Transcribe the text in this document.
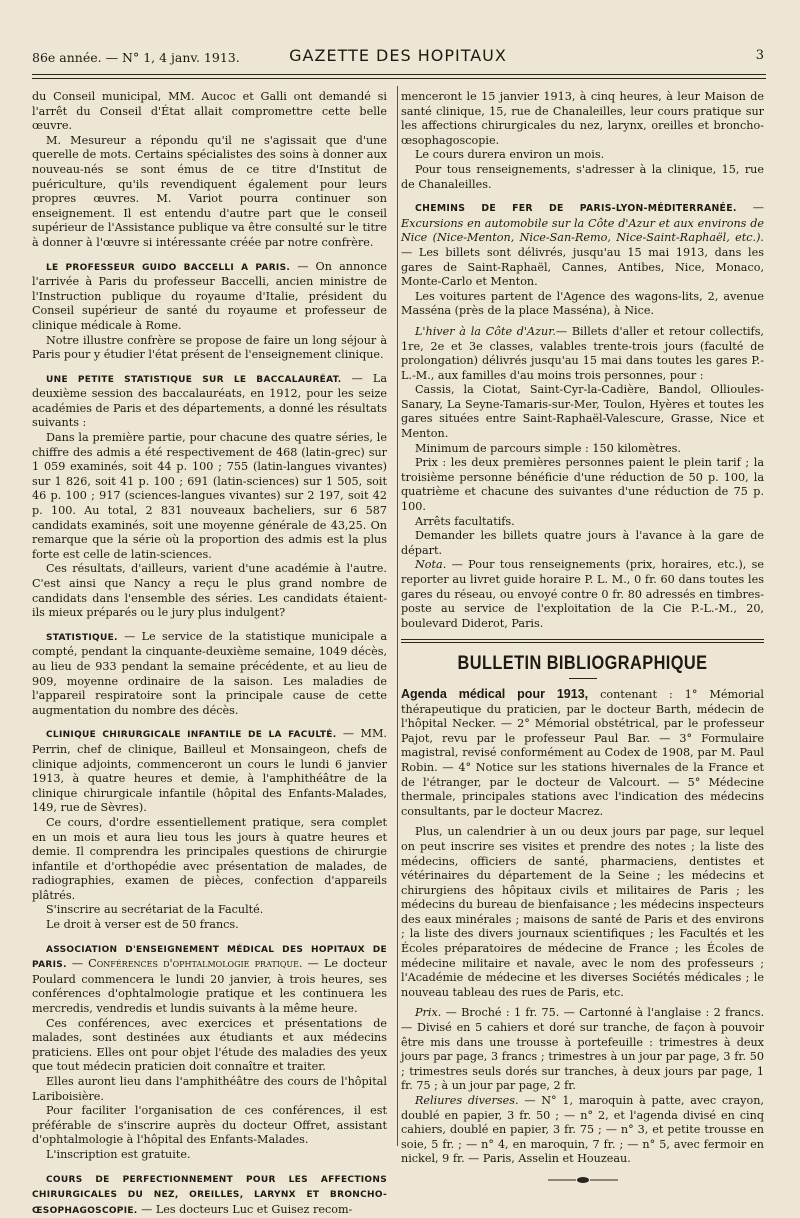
86e année. — N° 1, 4 janv. 1913.	GAZETTE DES HOPITAUX	3

du Conseil municipal, MM. Aucoc et Galli ont demandé si l'arrêt du Conseil d'État allait compromettre cette belle œuvre.

M. Mesureur a répondu qu'il ne s'agissait que d'une querelle de mots. Certains spécialistes des soins à donner aux nouveau-nés se sont émus de ce titre d'Institut de puériculture, qu'ils revendiquent également pour leurs propres œuvres. M. Variot pourra continuer son enseignement. Il est entendu d'autre part que le conseil supérieur de l'Assistance publique va être consulté sur le titre à donner à l'œuvre si intéressante créée par notre confrère.

LE PROFESSEUR GUIDO BACCELLI A PARIS. — On annonce l'arrivée à Paris du professeur Baccelli, ancien ministre de l'Instruction publique du royaume d'Italie, président du Conseil supérieur de santé du royaume et professeur de clinique médicale à Rome.

Notre illustre confrère se propose de faire un long séjour à Paris pour y étudier l'état présent de l'enseignement clinique.

UNE PETITE STATISTIQUE SUR LE BACCALAURÉAT. — La deuxième session des baccalauréats, en 1912, pour les seize académies de Paris et des départements, a donné les résultats suivants :

Dans la première partie, pour chacune des quatre séries, le chiffre des admis a été respectivement de 468 (latin-grec) sur 1 059 examinés, soit 44 p. 100 ; 755 (latin-langues vivantes) sur 1 826, soit 41 p. 100 ; 691 (latin-sciences) sur 1 505, soit 46 p. 100 ; 917 (sciences-langues vivantes) sur 2 197, soit 42 p. 100. Au total, 2 831 nouveaux bacheliers, sur 6 587 candidats examinés, soit une moyenne générale de 43,25. On remarque que la série où la proportion des admis est la plus forte est celle de latin-sciences.

Ces résultats, d'ailleurs, varient d'une académie à l'autre. C'est ainsi que Nancy a reçu le plus grand nombre de candidats dans l'ensemble des séries. Les candidats étaient-ils mieux préparés ou le jury plus indulgent?

STATISTIQUE. — Le service de la statistique municipale a compté, pendant la cinquante-deuxième semaine, 1049 décès, au lieu de 933 pendant la semaine précédente, et au lieu de 909, moyenne ordinaire de la saison. Les maladies de l'appareil respiratoire sont la principale cause de cette augmentation du nombre des décès.

CLINIQUE CHIRURGICALE INFANTILE DE LA FACULTÉ. — MM. Perrin, chef de clinique, Bailleul et Monsaingeon, chefs de clinique adjoints, commenceront un cours le lundi 6 janvier 1913, à quatre heures et demie, à l'amphithéâtre de la clinique chirurgicale infantile (hôpital des Enfants-Malades, 149, rue de Sèvres).

Ce cours, d'ordre essentiellement pratique, sera complet en un mois et aura lieu tous les jours à quatre heures et demie. Il comprendra les principales questions de chirurgie infantile et d'orthopédie avec présentation de malades, de radiographies, examen de pièces, confection d'appareils plâtrés.

S'inscrire au secrétariat de la Faculté.

Le droit à verser est de 50 francs.

ASSOCIATION D'ENSEIGNEMENT MÉDICAL DES HOPITAUX DE PARIS. — Conférences d'ophtalmologie pratique. — Le docteur Poulard commencera le lundi 20 janvier, à trois heures, ses conférences d'ophtalmologie pratique et les continuera les mercredis, vendredis et lundis suivants à la même heure.

Ces conférences, avec exercices et présentations de malades, sont destinées aux étudiants et aux médecins praticiens. Elles ont pour objet l'étude des maladies des yeux que tout médecin praticien doit connaître et traiter.

Elles auront lieu dans l'amphithéâtre des cours de l'hôpital Lariboisière.

Pour faciliter l'organisation de ces conférences, il est préférable de s'inscrire auprès du docteur Offret, assistant d'ophtalmologie à l'hôpital des Enfants-Malades.

L'inscription est gratuite.

COURS DE PERFECTIONNEMENT POUR LES AFFECTIONS CHIRURGICALES DU NEZ, OREILLES, LARYNX ET BRONCHO-ŒSOPHAGOSCOPIE. — Les docteurs Luc et Guisez recom-

menceront le 15 janvier 1913, à cinq heures, à leur Maison de santé clinique, 15, rue de Chanaleilles, leur cours pratique sur les affections chirurgicales du nez, larynx, oreilles et broncho-œsophagoscopie.

Le cours durera environ un mois.

Pour tous renseignements, s'adresser à la clinique, 15, rue de Chanaleilles.

CHEMINS DE FER DE PARIS-LYON-MÉDITERRANÉE. — Excursions en automobile sur la Côte d'Azur et aux environs de Nice (Nice-Menton, Nice-San-Remo, Nice-Saint-Raphaël, etc.). — Les billets sont délivrés, jusqu'au 15 mai 1913, dans les gares de Saint-Raphaël, Cannes, Antibes, Nice, Monaco, Monte-Carlo et Menton.

Les voitures partent de l'Agence des wagons-lits, 2, avenue Masséna (près de la place Masséna), à Nice.

L'hiver à la Côte d'Azur.— Billets d'aller et retour collectifs, 1re, 2e et 3e classes, valables trente-trois jours (faculté de prolongation) délivrés jusqu'au 15 mai dans toutes les gares P.-L.-M., aux familles d'au moins trois personnes, pour :

Cassis, la Ciotat, Saint-Cyr-la-Cadière, Bandol, Ollioules-Sanary, La Seyne-Tamaris-sur-Mer, Toulon, Hyères et toutes les gares situées entre Saint-Raphaël-Valescure, Grasse, Nice et Menton.

Minimum de parcours simple : 150 kilomètres.

Prix : les deux premières personnes paient le plein tarif ; la troisième personne bénéficie d'une réduction de 50 p. 100, la quatrième et chacune des suivantes d'une réduction de 75 p. 100.

Arrêts facultatifs.

Demander les billets quatre jours à l'avance à la gare de départ.

Nota. — Pour tous renseignements (prix, horaires, etc.), se reporter au livret guide horaire P. L. M., 0 fr. 60 dans toutes les gares du réseau, ou envoyé contre 0 fr. 80 adressés en timbres-poste au service de l'exploitation de la Cie P.-L.-M., 20, boulevard Diderot, Paris.

BULLETIN BIBLIOGRAPHIQUE

Agenda médical pour 1913, contenant : 1° Mémorial thérapeutique du praticien, par le docteur Barth, médecin de l'hôpital Necker. — 2° Mémorial obstétrical, par le professeur Pajot, revu par le professeur Paul Bar. — 3° Formulaire magistral, revisé conformément au Codex de 1908, par M. Paul Robin. — 4° Notice sur les stations hivernales de la France et de l'étranger, par le docteur de Valcourt. — 5° Médecine thermale, principales stations avec l'indication des médecins consultants, par le docteur Macrez.

Plus, un calendrier à un ou deux jours par page, sur lequel on peut inscrire ses visites et prendre des notes ; la liste des médecins, officiers de santé, pharmaciens, dentistes et vétérinaires du département de la Seine ; les médecins et chirurgiens des hôpitaux civils et militaires de Paris ; les médecins du bureau de bienfaisance ; les médecins inspecteurs des eaux minérales ; maisons de santé de Paris et des environs ; la liste des divers journaux scientifiques ; les Facultés et les Écoles préparatoires de médecine de France ; les Écoles de médecine militaire et navale, avec le nom des professeurs ; l'Académie de médecine et les diverses Sociétés médicales ; le nouveau tableau des rues de Paris, etc.

Prix. — Broché : 1 fr. 75. — Cartonné à l'anglaise : 2 francs. — Divisé en 5 cahiers et doré sur tranche, de façon à pouvoir être mis dans une trousse à portefeuille : trimestres à deux jours par page, 3 francs ; trimestres à un jour par page, 3 fr. 50 ; trimestres seuls dorés sur tranches, à deux jours par page, 1 fr. 75 ; à un jour par page, 2 fr.

Reliures diverses. — N° 1, maroquin à patte, avec crayon, doublé en papier, 3 fr. 50 ; — n° 2, et l'agenda divisé en cinq cahiers, doublé en papier, 3 fr. 75 ; — n° 3, et petite trousse en soie, 5 fr. ; — n° 4, en maroquin, 7 fr. ; — n° 5, avec fermoir en nickel, 9 fr. — Paris, Asselin et Houzeau.
